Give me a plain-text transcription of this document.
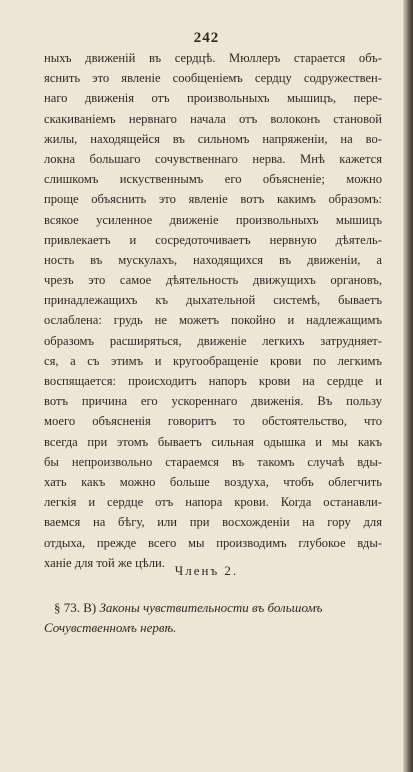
242
ныхъ движеній въ сердцѣ. Мюллеръ старается объ-
яснить это явленіе сообщеніемъ сердцу содружествен-
наго движенія отъ произвольныхъ мышицъ, пере-
скакиваніемъ нервнаго начала отъ волоконъ становой
жилы, находящейся въ сильномъ напряженіи, на во-
локна большаго сочувственнаго нерва. Мнѣ кажется
слишкомъ искуственнымъ его объясненіе; можно
проще объяснить это явленіе вотъ какимъ образомъ:
всякое усиленное движеніе произвольныхъ мышицъ
привлекаетъ и сосредоточиваетъ нервную дѣятель-
ность въ мускулахъ, находящихся въ движеніи, а
чрезъ это самое дѣятельность движущихъ органовъ,
принадлежащихъ къ дыхательной системѣ, бываетъ
ослаблена: грудь не можетъ покойно и надлежащимъ
образомъ расширяться, движеніе легкихъ затрудняет-
ся, а съ этимъ и кругообращеніе крови по легкимъ
воспящается: происходитъ напоръ крови на сердце и
вотъ причина его ускореннаго движенія. Въ пользу
моего объясненія говоритъ то обстоятельство, что
всегда при этомъ бываетъ сильная одышка и мы какъ
бы непроизвольно стараемся въ такомъ случаѣ вды-
хать какъ можно больше воздуха, чтобъ облегчить
легкія и сердце отъ напора крови. Когда останавли-
ваемся на бѣгу, или при восхожденіи на гору для
отдыха, прежде всего мы производимъ глубокое вды-
ханіе для той же цѣли.
Членъ 2.
§ 73. В) Законы чувствительности въ большомъ
Сочувственномъ нервѣ.
